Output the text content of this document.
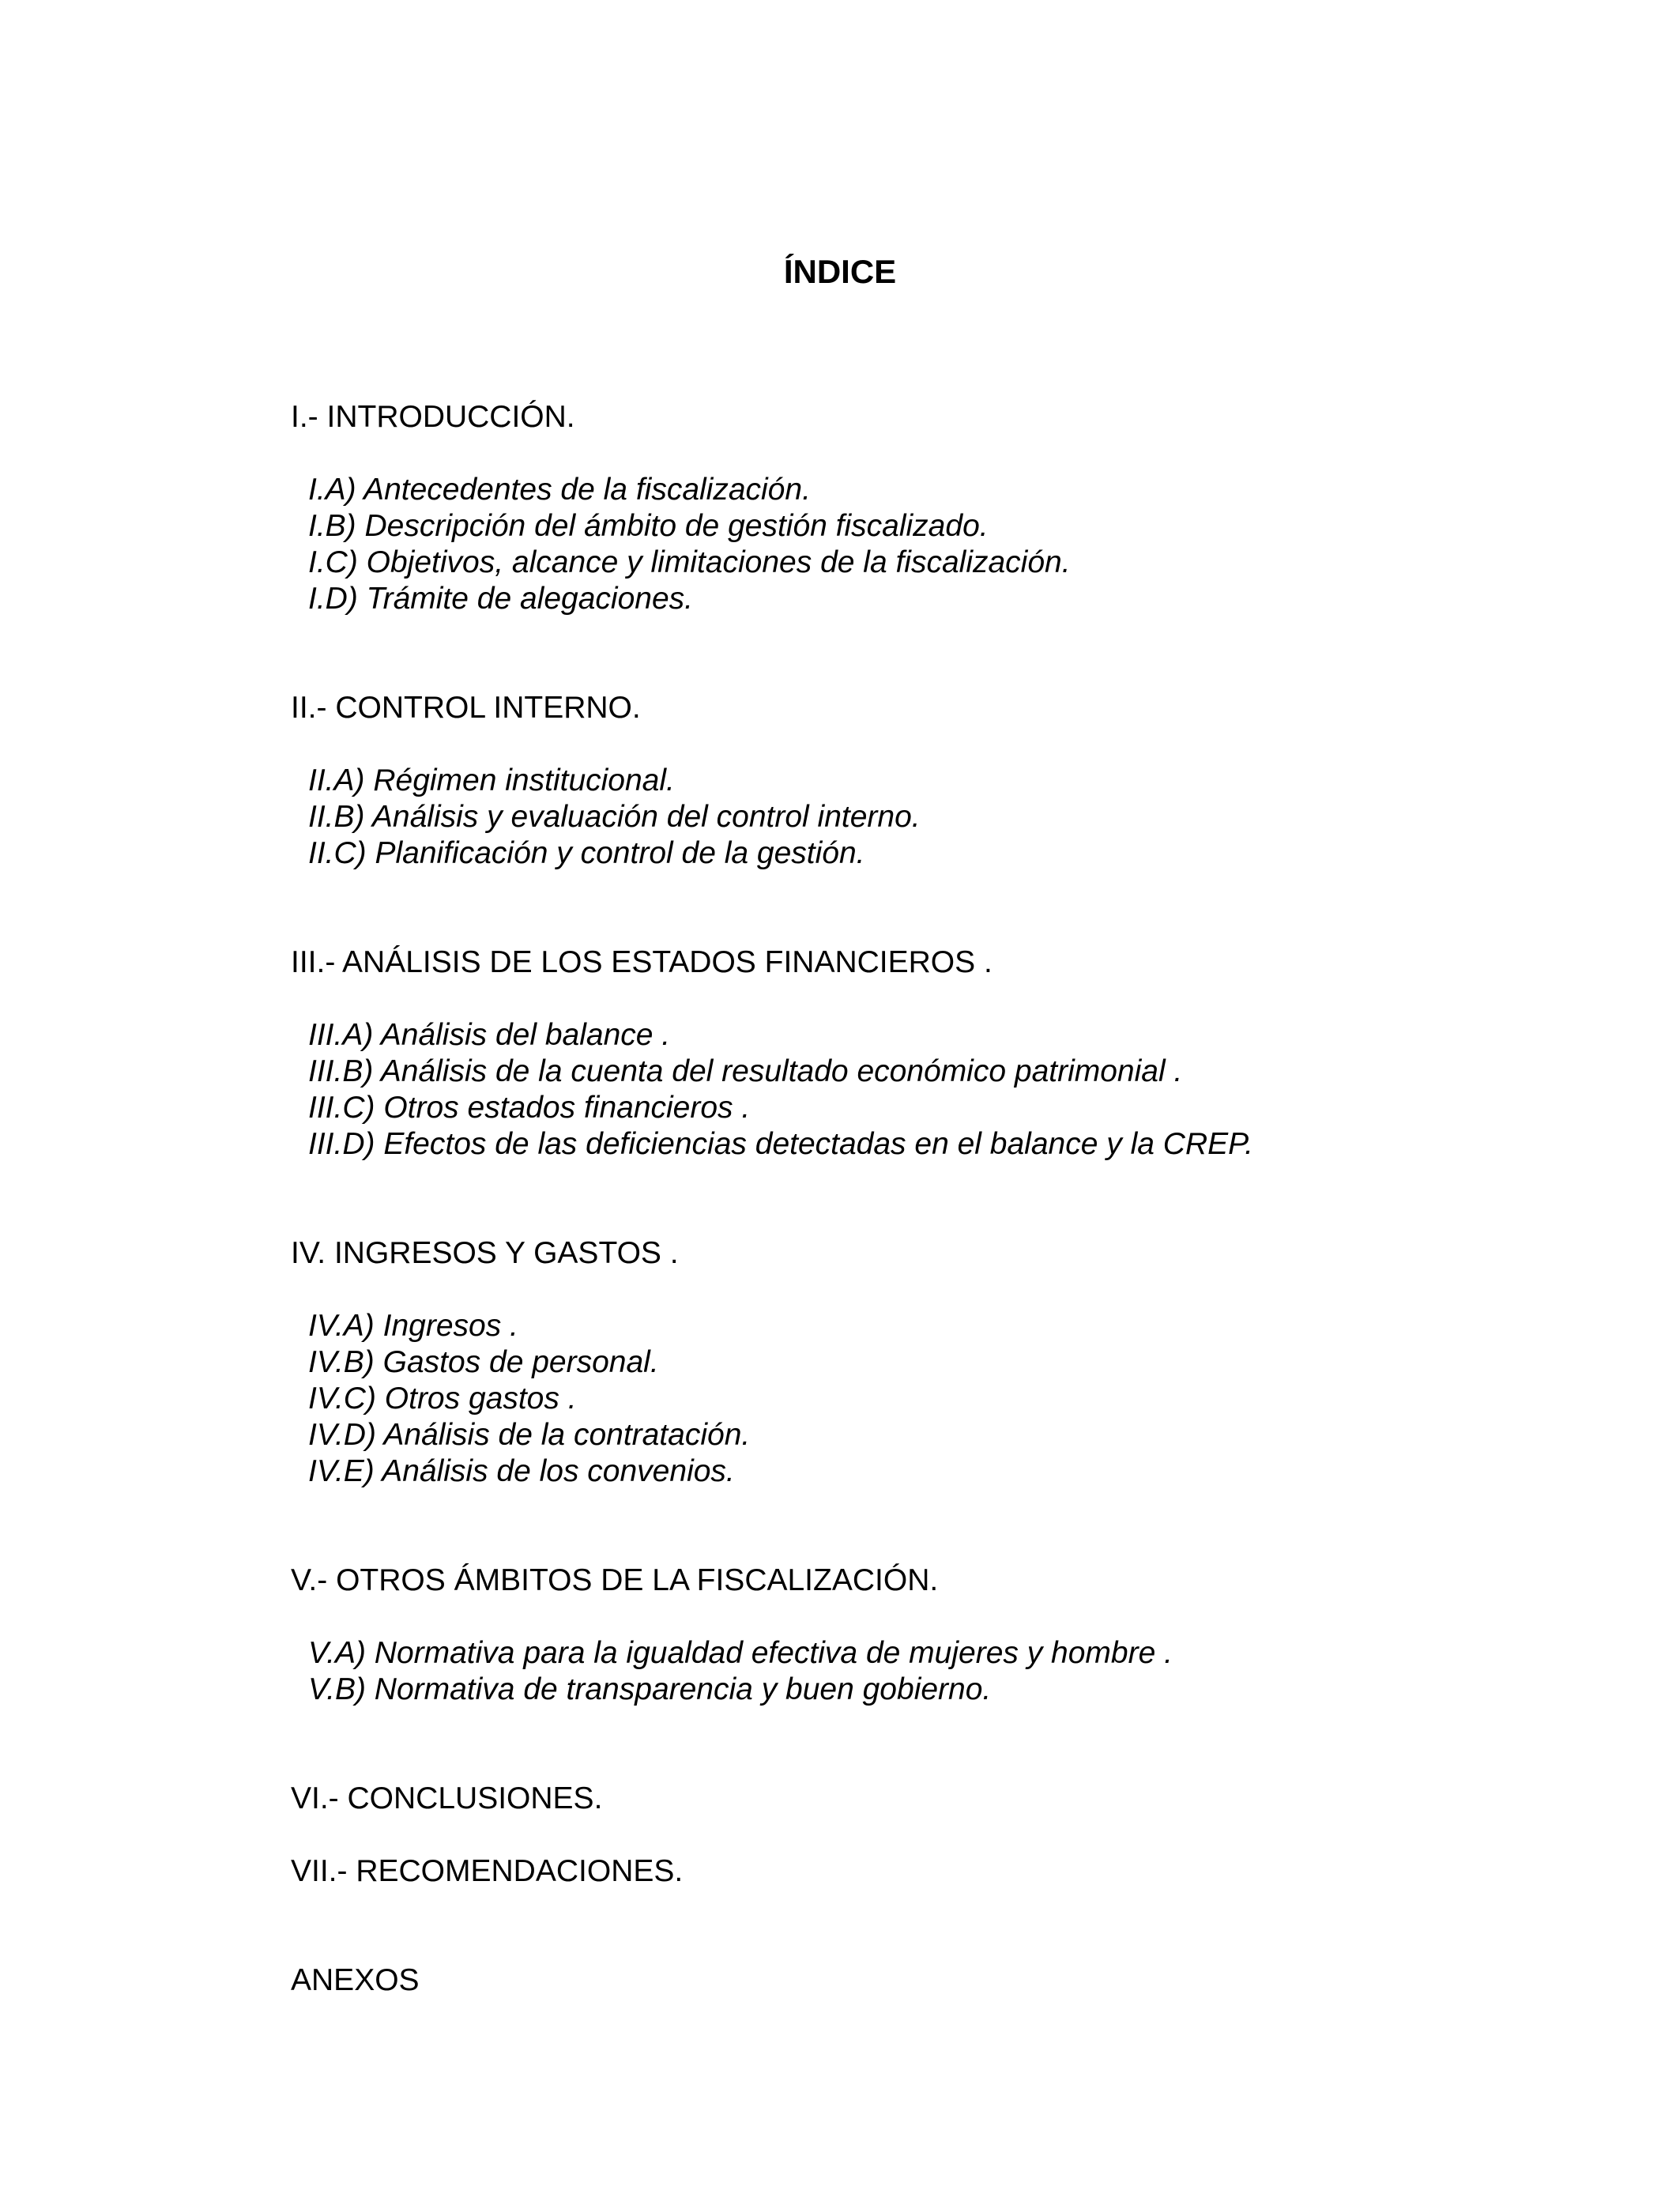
ÍNDICE
I.- INTRODUCCIÓN.
I.A) Antecedentes de la fiscalización.
I.B) Descripción del ámbito de gestión fiscalizado.
I.C) Objetivos, alcance y limitaciones de la fiscalización.
I.D) Trámite de alegaciones.
II.- CONTROL INTERNO.
II.A) Régimen institucional.
II.B) Análisis y evaluación del control interno.
II.C) Planificación y control de la gestión.
III.- ANÁLISIS DE LOS ESTADOS FINANCIEROS .
III.A) Análisis del balance .
III.B) Análisis de la cuenta del resultado económico patrimonial .
III.C) Otros estados financieros .
III.D) Efectos de las deficiencias detectadas en el balance y la CREP.
IV. INGRESOS Y GASTOS .
IV.A) Ingresos .
IV.B) Gastos de personal.
IV.C) Otros gastos .
IV.D) Análisis de la contratación.
IV.E) Análisis de los convenios.
V.- OTROS ÁMBITOS DE LA FISCALIZACIÓN.
V.A) Normativa para la igualdad efectiva de mujeres y hombre .
V.B) Normativa de transparencia y buen gobierno.
VI.- CONCLUSIONES.
VII.- RECOMENDACIONES.
ANEXOS
